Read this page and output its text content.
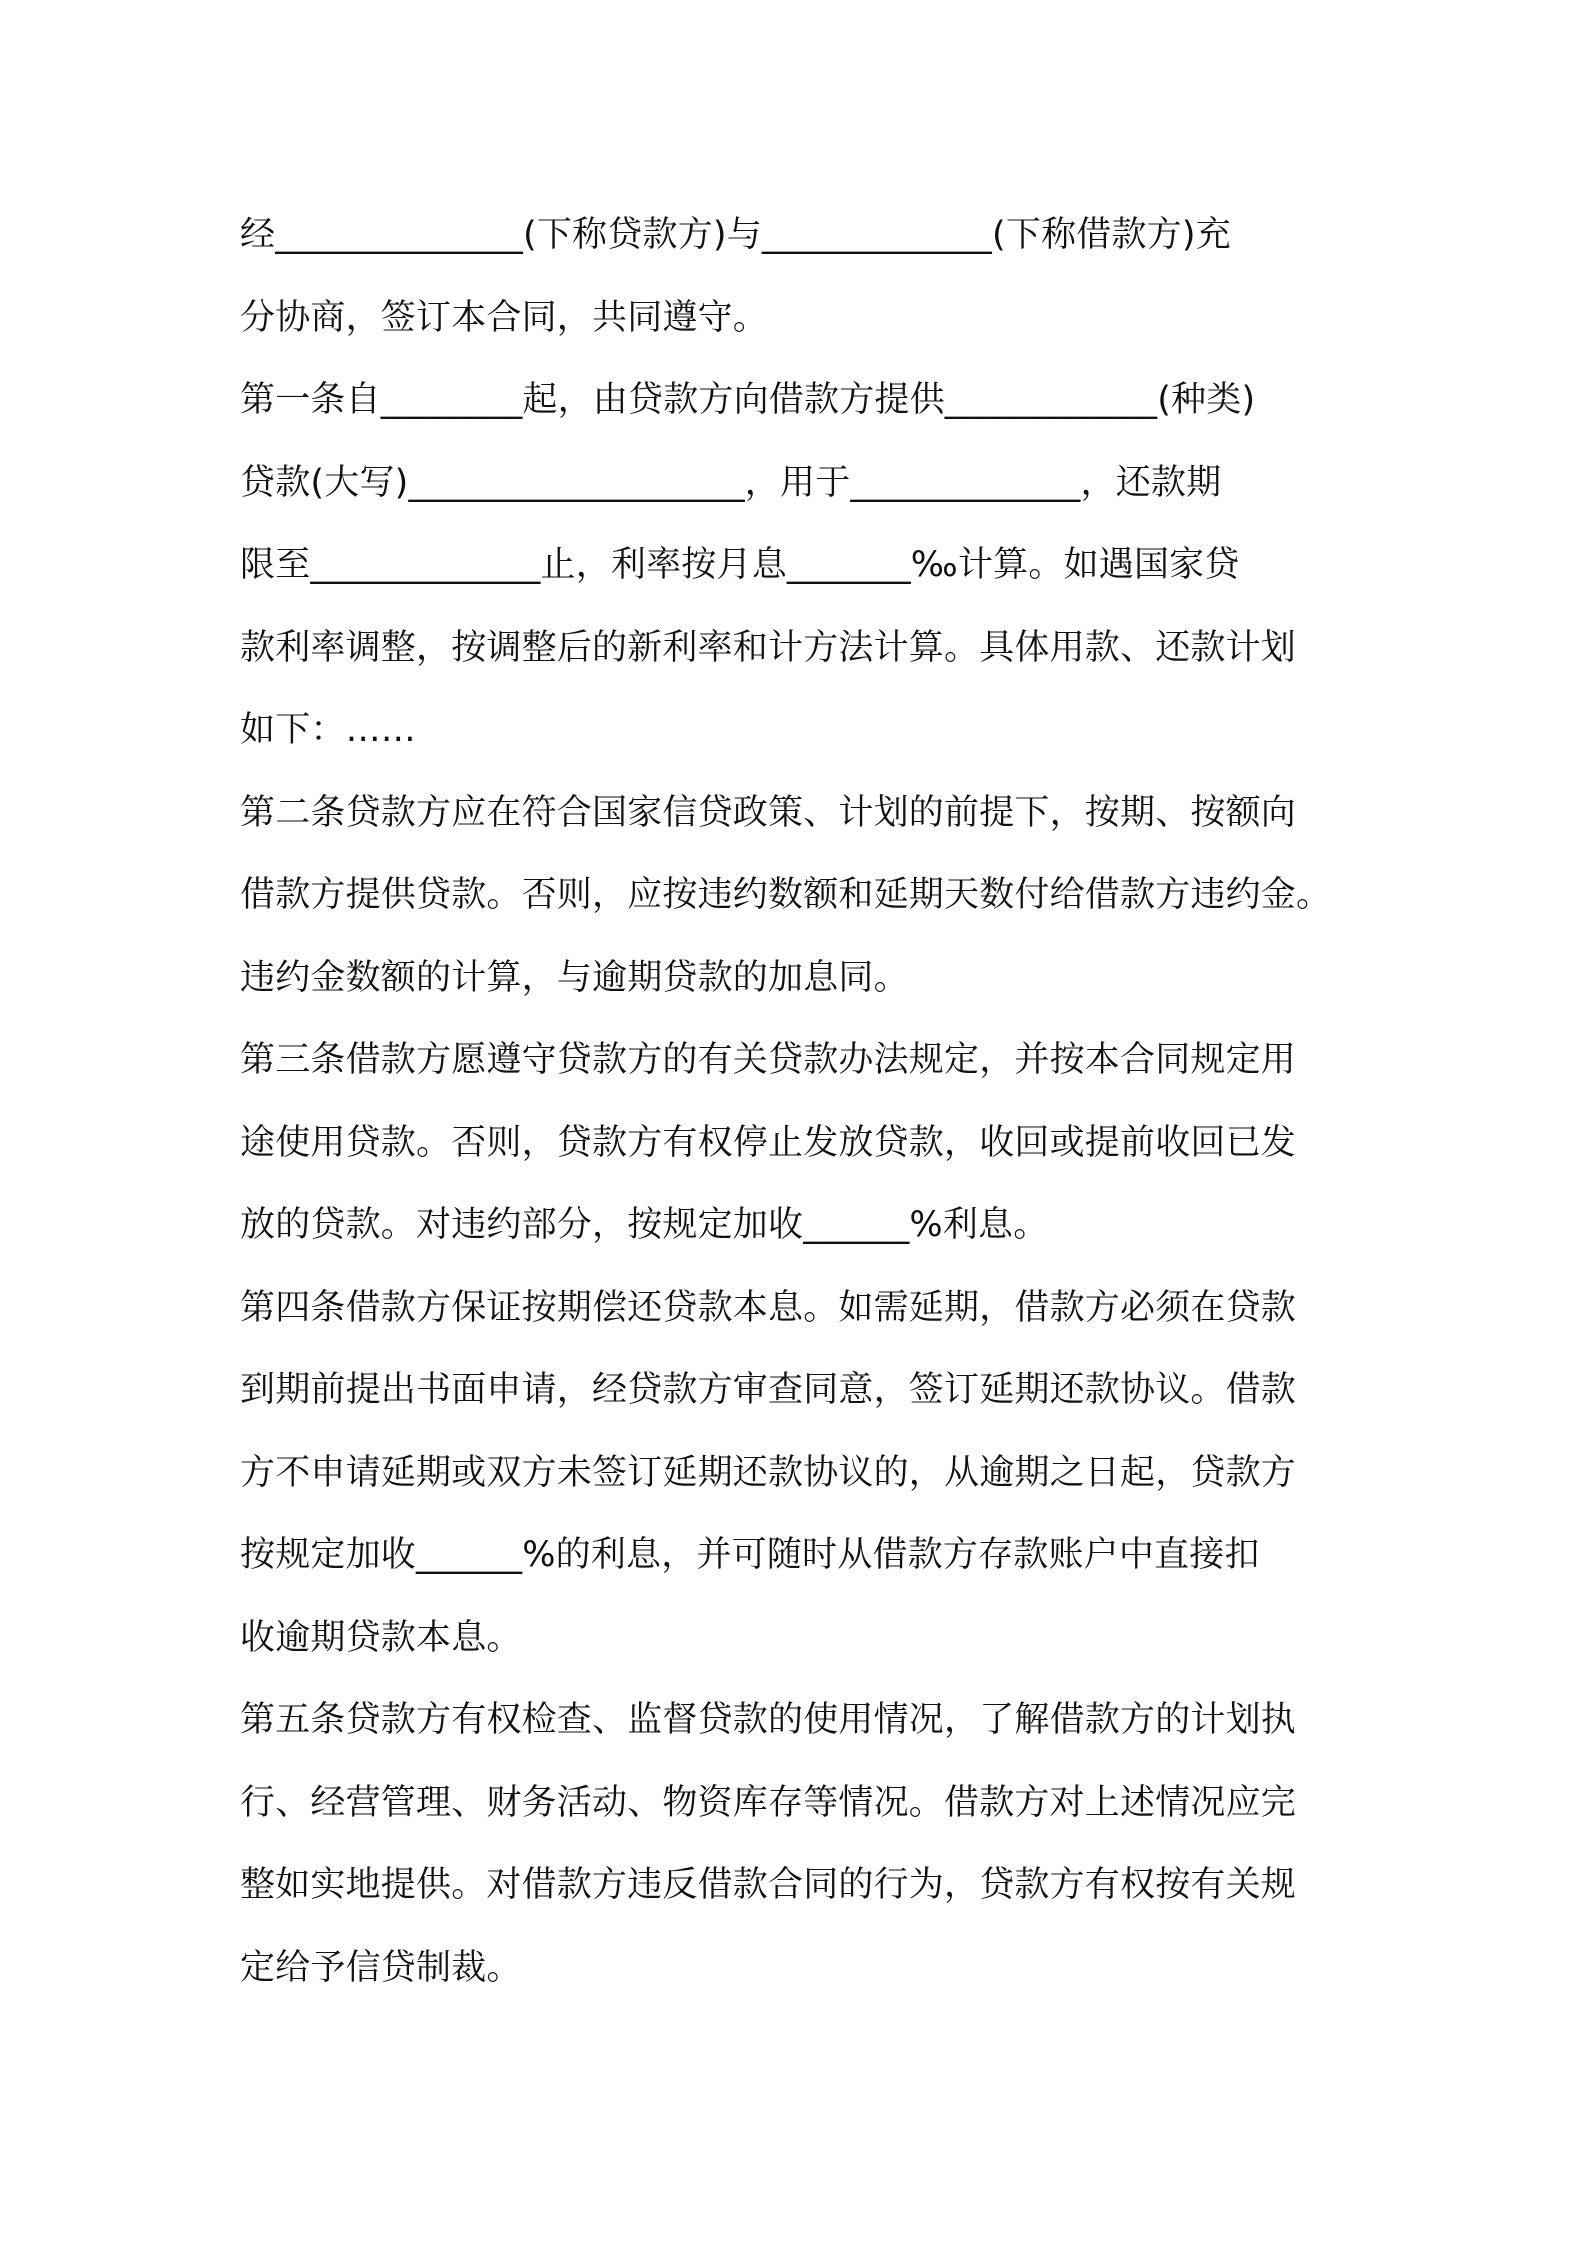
经______________(下称贷款方)与_____________(下称借款方)充
分协商，签订本合同，共同遵守。
第一条自________起，由贷款方向借款方提供____________(种类)
贷款(大写)___________________，用于_____________，还款期
限至_____________止，利率按月息_______‰计算。如遇国家贷
款利率调整，按调整后的新利率和计方法计算。具体用款、还款计划
如下：……
第二条贷款方应在符合国家信贷政策、计划的前提下，按期、按额向
借款方提供贷款。否则，应按违约数额和延期天数付给借款方违约金。
违约金数额的计算，与逾期贷款的加息同。
第三条借款方愿遵守贷款方的有关贷款办法规定，并按本合同规定用
途使用贷款。否则，贷款方有权停止发放贷款，收回或提前收回已发
放的贷款。对违约部分，按规定加收______%利息。
第四条借款方保证按期偿还贷款本息。如需延期，借款方必须在贷款
到期前提出书面申请，经贷款方审查同意，签订延期还款协议。借款
方不申请延期或双方未签订延期还款协议的，从逾期之日起，贷款方
按规定加收______%的利息，并可随时从借款方存款账户中直接扣
收逾期贷款本息。
第五条贷款方有权检查、监督贷款的使用情况，了解借款方的计划执
行、经营管理、财务活动、物资库存等情况。借款方对上述情况应完
整如实地提供。对借款方违反借款合同的行为，贷款方有权按有关规
定给予信贷制裁。
